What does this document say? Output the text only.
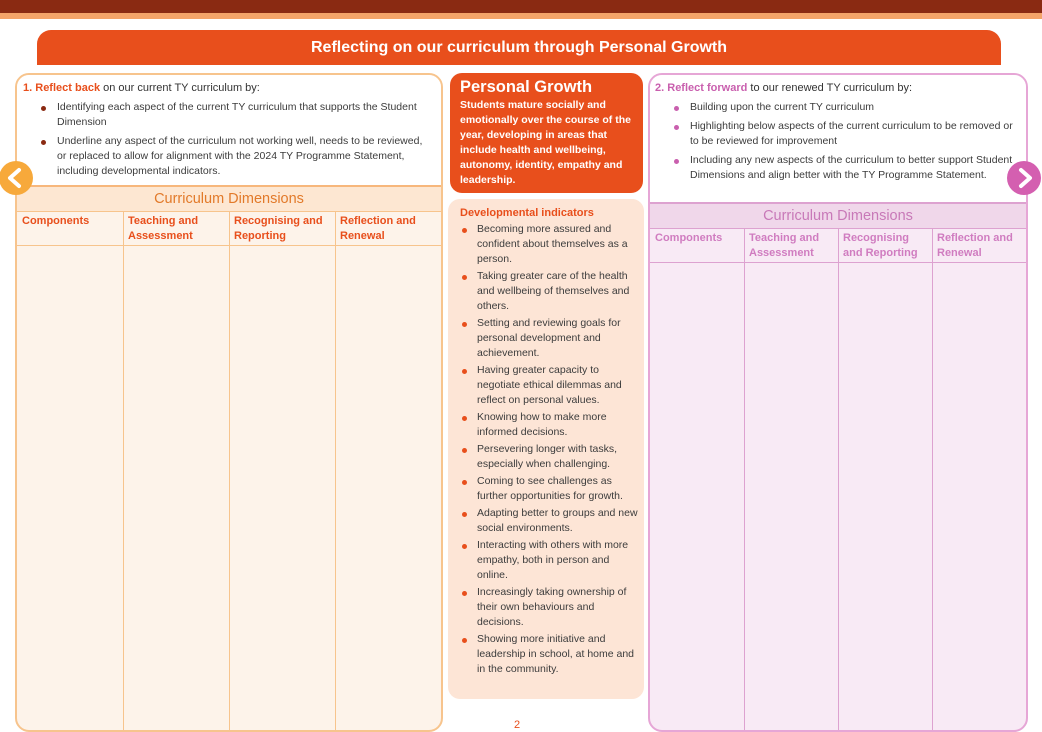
Reflecting on our curriculum through Personal Growth
1. Reflect back on our current TY curriculum by:
Identifying each aspect of the current TY curriculum that supports the Student Dimension
Underline any aspect of the curriculum not working well, needs to be reviewed, or replaced to allow for alignment with the 2024 TY Programme Statement, including developmental indicators.
Curriculum Dimensions
Components	Teaching and Assessment
Recognising and Reporting
Reflection and Renewal
Personal Growth
Students mature socially and emotionally over the course of the year, developing in areas that include health and wellbeing, autonomy, identity, empathy and leadership.
Developmental indicators
Becoming more assured and confident about themselves as a person.
Taking greater care of the health and wellbeing of themselves and others.
Setting and reviewing goals for personal development and achievement.
Having greater capacity to negotiate ethical dilemmas and reflect on personal values.
Knowing how to make more informed decisions.
Persevering longer with tasks, especially when challenging.
Coming to see challenges as further opportunities for growth.
Adapting better to groups and new social environments.
Interacting with others with more empathy, both in person and online.
Increasingly taking ownership of their own behaviours and decisions.
Showing more initiative and leadership in school, at home and in the community.
2
2. Reflect forward to our renewed TY curriculum by:
Building upon the current TY curriculum
Highlighting below aspects of the current curriculum to be removed or to be reviewed for improvement
Including any new aspects of the curriculum to better support Student Dimensions and align better with the TY Programme Statement.
Curriculum Dimensions
Components	Teaching and Assessment
Recognising and Reporting
Reflection and Renewal
